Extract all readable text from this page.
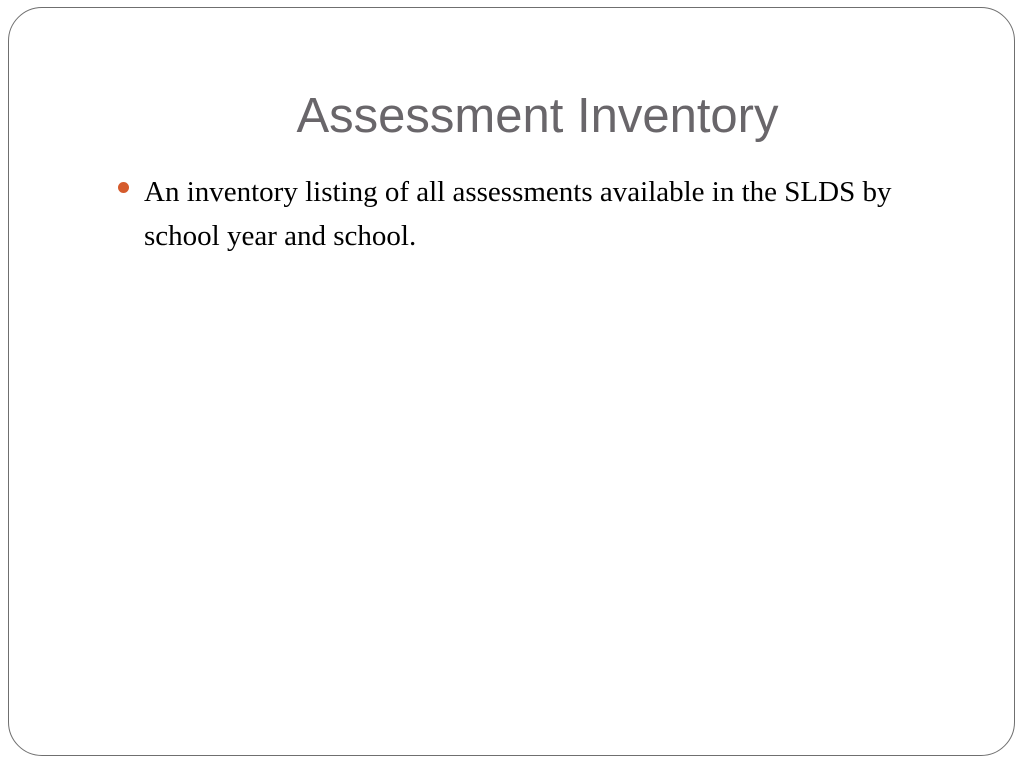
Assessment Inventory
An inventory listing of all assessments available in the SLDS by school year and school.
